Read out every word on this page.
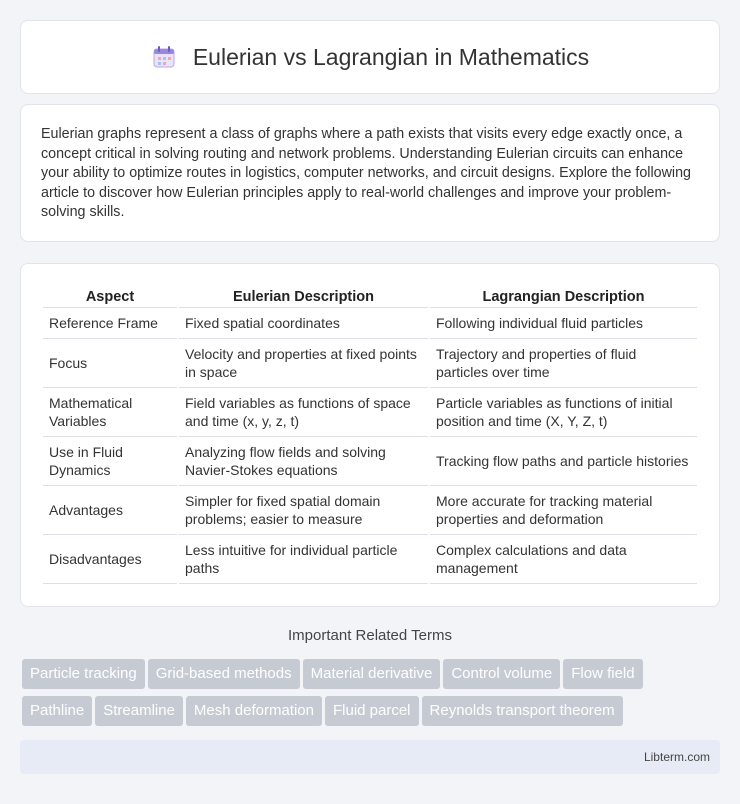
Eulerian vs Lagrangian in Mathematics

Eulerian graphs represent a class of graphs where a path exists that visits every edge exactly once, a concept critical in solving routing and network problems. Understanding Eulerian circuits can enhance your ability to optimize routes in logistics, computer networks, and circuit designs. Explore the following article to discover how Eulerian principles apply to real-world challenges and improve your problem-solving skills.

Aspect	Eulerian Description	Lagrangian Description
Reference Frame	Fixed spatial coordinates	Following individual fluid particles
Focus	Velocity and properties at fixed points in space	Trajectory and properties of fluid particles over time
Mathematical Variables	Field variables as functions of space and time (x, y, z, t)	Particle variables as functions of initial position and time (X, Y, Z, t)
Use in Fluid Dynamics	Analyzing flow fields and solving Navier-Stokes equations	Tracking flow paths and particle histories
Advantages	Simpler for fixed spatial domain problems; easier to measure	More accurate for tracking material properties and deformation
Disadvantages	Less intuitive for individual particle paths	Complex calculations and data management
Important Related Terms
Particle tracking Grid-based methods Material derivative Control volume Flow field
Pathline Streamline Mesh deformation Fluid parcel Reynolds transport theorem
Libterm.com
